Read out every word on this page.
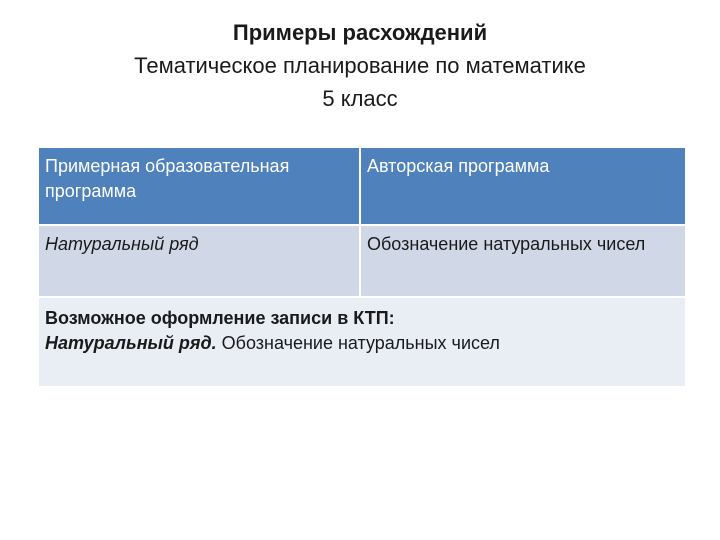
Примеры расхождений
Тематическое планирование по математике
5 класс
Примерная образовательная программа	Авторская программа
Натуральный ряд	Обозначение натуральных чисел

Возможное оформление записи в КТП:
Натуральный ряд. Обозначение натуральных чисел	
